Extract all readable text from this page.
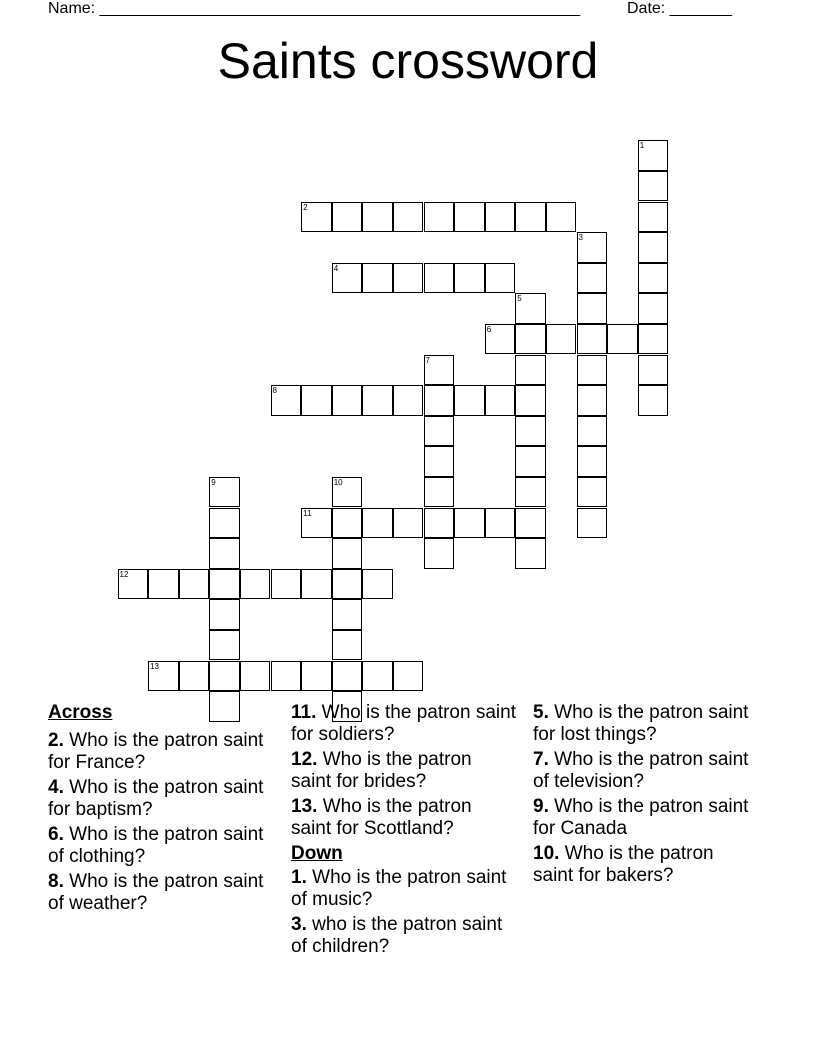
Name: ______________________________________________________	Date: _______
Saints crossword
1
2
3
4
5
6
7
8
9	10
11
12
13
Across
2. Who is the patron saint for France?
4. Who is the patron saint for baptism?
6. Who is the patron saint of clothing?
8. Who is the patron saint of weather?
11. Who is the patron saint for soldiers?
12. Who is the patron saint for brides?
13. Who is the patron saint for Scottland?
Down
1. Who is the patron saint of music?
3. who is the patron saint of children?
5. Who is the patron saint for lost things?
7. Who is the patron saint of television?
9. Who is the patron saint for Canada
10. Who is the patron saint for bakers?
